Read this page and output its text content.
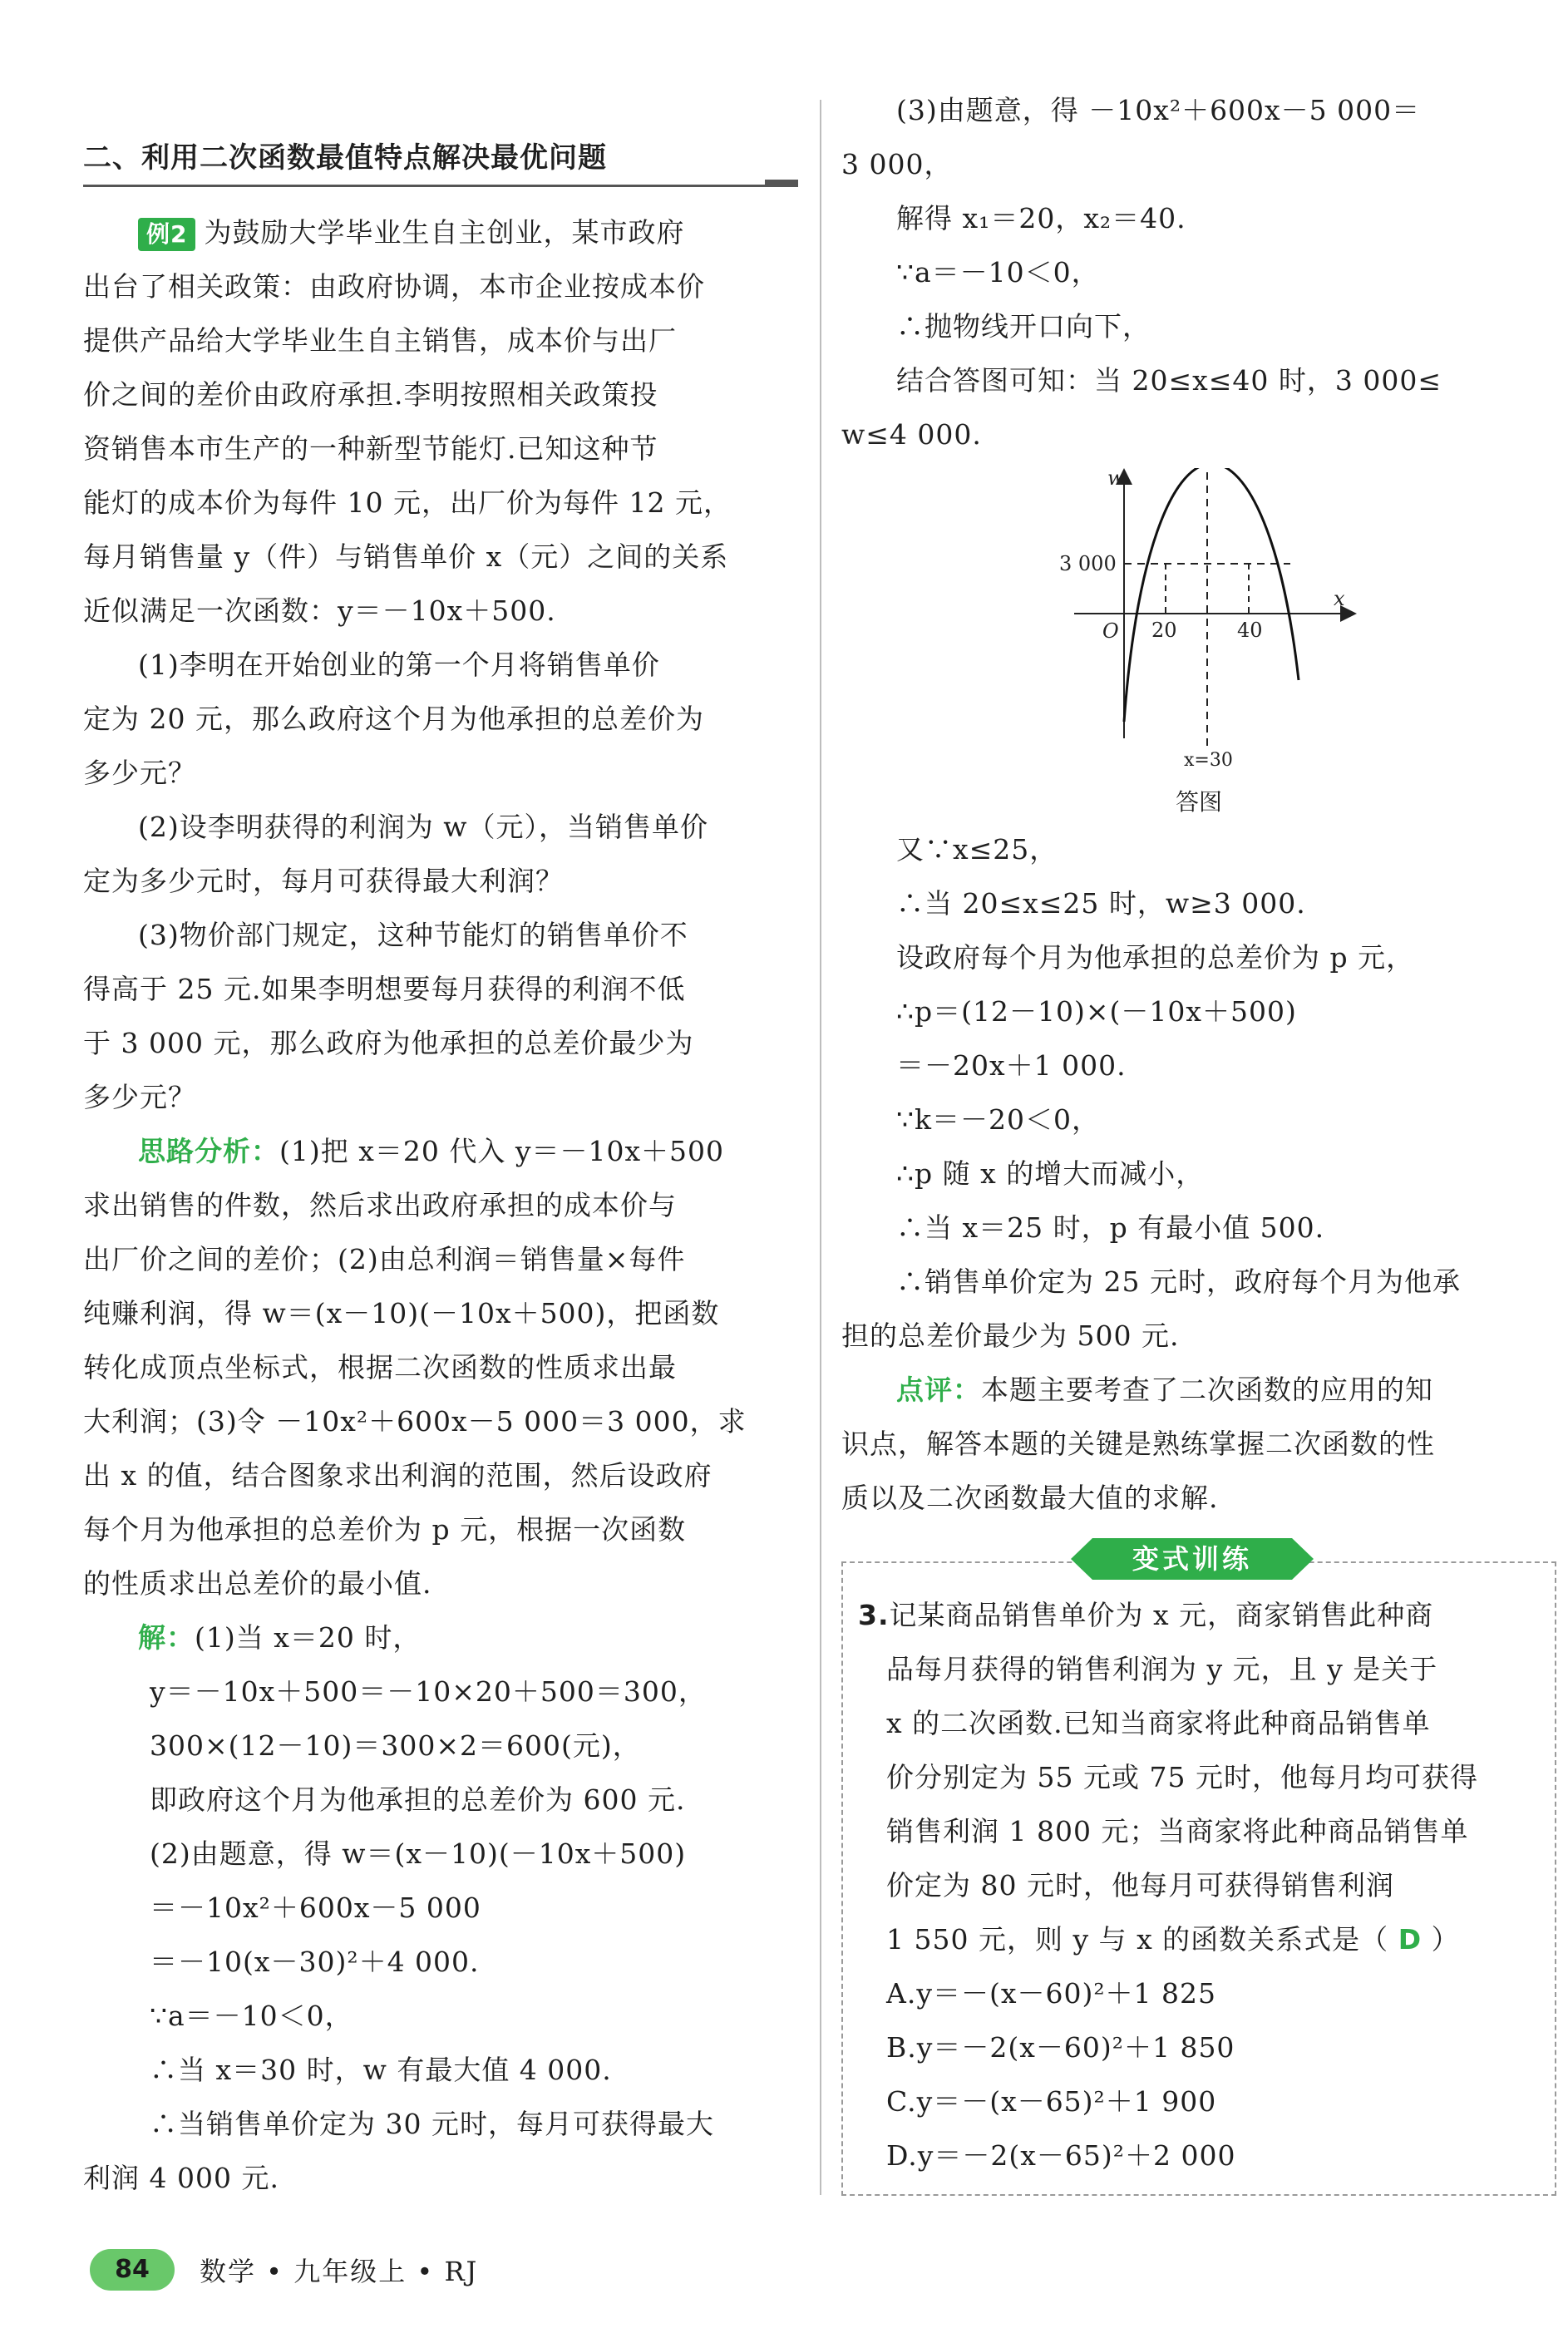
二、利用二次函数最值特点解决最优问题

例2 为鼓励大学毕业生自主创业，某市政府

出台了相关政策：由政府协调，本市企业按成本价

提供产品给大学毕业生自主销售，成本价与出厂

价之间的差价由政府承担.李明按照相关政策投

资销售本市生产的一种新型节能灯.已知这种节

能灯的成本价为每件 10 元，出厂价为每件 12 元，

每月销售量 y（件）与销售单价 x（元）之间的关系

近似满足一次函数：y＝－10x＋500.

(1)李明在开始创业的第一个月将销售单价

定为 20 元，那么政府这个月为他承担的总差价为

多少元？

(2)设李明获得的利润为 w（元），当销售单价

定为多少元时，每月可获得最大利润？

(3)物价部门规定，这种节能灯的销售单价不

得高于 25 元.如果李明想要每月获得的利润不低

于 3 000 元，那么政府为他承担的总差价最少为

多少元？

思路分析：(1)把 x＝20 代入 y＝－10x＋500

求出销售的件数，然后求出政府承担的成本价与

出厂价之间的差价；(2)由总利润＝销售量×每件

纯赚利润，得 w＝(x－10)(－10x＋500)，把函数

转化成顶点坐标式，根据二次函数的性质求出最

大利润；(3)令 －10x²＋600x－5 000＝3 000，求

出 x 的值，结合图象求出利润的范围，然后设政府

每个月为他承担的总差价为 p 元，根据一次函数

的性质求出总差价的最小值.

解：(1)当 x＝20 时，

y＝－10x＋500＝－10×20＋500＝300，

300×(12－10)＝300×2＝600(元)，

即政府这个月为他承担的总差价为 600 元.

(2)由题意，得 w＝(x－10)(－10x＋500)

＝－10x²＋600x－5 000

＝－10(x－30)²＋4 000.

∵a＝－10＜0，

∴当 x＝30 时，w 有最大值 4 000.

∴当销售单价定为 30 元时，每月可获得最大

利润 4 000 元.

(3)由题意，得 －10x²＋600x－5 000＝

3 000，

解得 x₁＝20，x₂＝40.

∵a＝－10＜0，

∴抛物线开口向下，

结合答图可知：当 20≤x≤40 时，3 000≤

w≤4 000.

w
x
O
3 000
20	40
x=30
答图

又∵x≤25，

∴当 20≤x≤25 时，w≥3 000.

设政府每个月为他承担的总差价为 p 元，

∴p＝(12－10)×(－10x＋500)

＝－20x＋1 000.

∵k＝－20＜0，

∴p 随 x 的增大而减小，

∴当 x＝25 时，p 有最小值 500.

∴销售单价定为 25 元时，政府每个月为他承

担的总差价最少为 500 元.

点评：本题主要考查了二次函数的应用的知

识点，解答本题的关键是熟练掌握二次函数的性

质以及二次函数最大值的求解.

变式训练

3.记某商品销售单价为 x 元，商家销售此种商

品每月获得的销售利润为 y 元，且 y 是关于

x 的二次函数.已知当商家将此种商品销售单

价分别定为 55 元或 75 元时，他每月均可获得

销售利润 1 800 元；当商家将此种商品销售单

价定为 80 元时，他每月可获得销售利润

1 550 元，则 y 与 x 的函数关系式是（ D ）

A.y＝－(x－60)²＋1 825

B.y＝－2(x－60)²＋1 850

C.y＝－(x－65)²＋1 900

D.y＝－2(x－65)²＋2 000

84	数学 • 九年级上 • RJ
